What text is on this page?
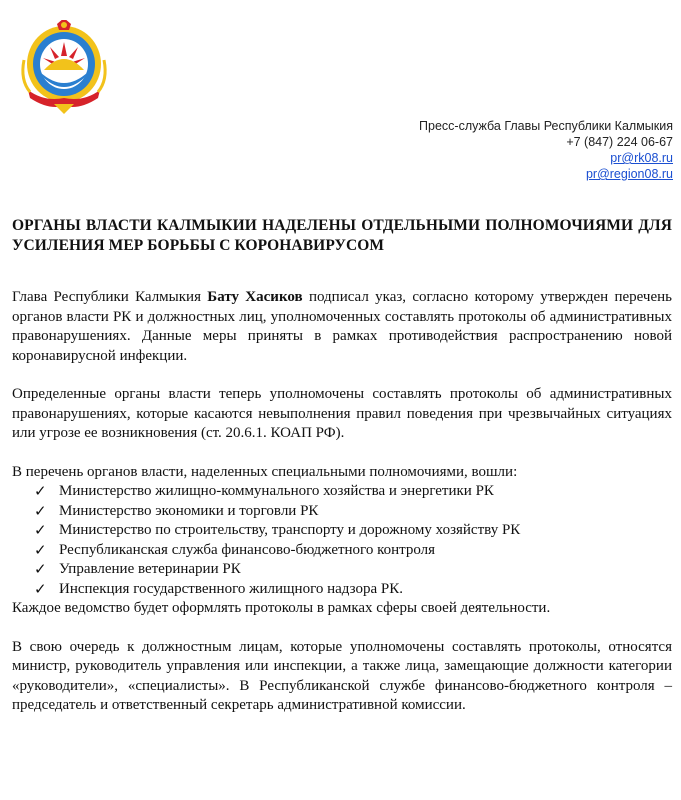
Пресс-служба Главы Республики Калмыкия
+7 (847) 224 06-67
pr@rk08.ru
pr@region08.ru
ОРГАНЫ ВЛАСТИ КАЛМЫКИИ НАДЕЛЕНЫ ОТДЕЛЬНЫМИ ПОЛНОМОЧИЯМИ ДЛЯ УСИЛЕНИЯ МЕР БОРЬБЫ С КОРОНАВИРУСОМ

Глава Республики Калмыкия Бату Хасиков подписал указ, согласно которому утвержден перечень органов власти РК и должностных лиц, уполномоченных составлять протоколы об административных правонарушениях. Данные меры приняты в рамках противодействия распространению новой коронавирусной инфекции.

Определенные органы власти теперь уполномочены составлять протоколы об административных правонарушениях, которые касаются невыполнения правил поведения при чрезвычайных ситуациях или угрозе ее возникновения (ст. 20.6.1. КОАП РФ).

В перечень органов власти, наделенных специальными полномочиями, вошли:

✓ Министерство жилищно-коммунального хозяйства и энергетики РК
✓ Министерство экономики и торговли РК
✓ Министерство по строительству, транспорту и дорожному хозяйству РК
✓ Республиканская служба финансово-бюджетного контроля
✓ Управление ветеринарии РК
✓ Инспекция государственного жилищного надзора РК.

Каждое ведомство будет оформлять протоколы в рамках сферы своей деятельности.

В свою очередь к должностным лицам, которые уполномочены составлять протоколы, относятся министр, руководитель управления или инспекции, а также лица, замещающие должности категории «руководители», «специалисты». В Республиканской службе финансово-бюджетного контроля – председатель и ответственный секретарь административной комиссии.
